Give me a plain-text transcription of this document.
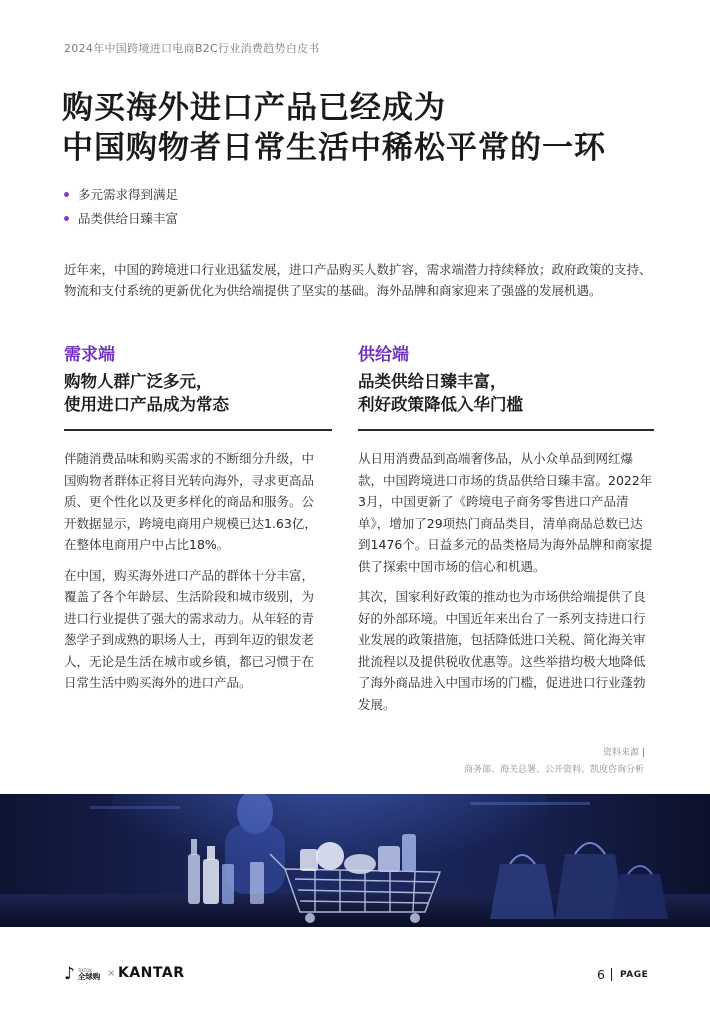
2024年中国跨境进口电商B2C行业消费趋势白皮书
购买海外进口产品已经成为
中国购物者日常生活中稀松平常的一环
多元需求得到满足
品类供给日臻丰富
近年来，中国的跨境进口行业迅猛发展，进口产品购买人数扩容，需求端潜力持续释放；政府政策的支持、物流和支付系统的更新优化为供给端提供了坚实的基础。海外品牌和商家迎来了强盛的发展机遇。
需求端
购物人群广泛多元，
使用进口产品成为常态
供给端
品类供给日臻丰富，
利好政策降低入华门槛

伴随消费品味和购买需求的不断细分升级，中国购物者群体正将目光转向海外，寻求更高品质、更个性化以及更多样化的商品和服务。公开数据显示，跨境电商用户规模已达1.63亿，在整体电商用户中占比18%。

在中国，购买海外进口产品的群体十分丰富，覆盖了各个年龄层、生活阶段和城市级别，为进口行业提供了强大的需求动力。从年轻的青葱学子到成熟的职场人士，再到年迈的银发老人，无论是生活在城市或乡镇，都已习惯于在日常生活中购买海外的进口产品。

从日用消费品到高端奢侈品，从小众单品到网红爆款，中国跨境进口市场的货品供给日臻丰富。2022年3月，中国更新了《跨境电子商务零售进口产品清单》，增加了29项热门商品类目，清单商品总数已达到1476个。日益多元的品类格局为海外品牌和商家提供了探索中国市场的信心和机遇。

其次，国家利好政策的推动也为市场供给端提供了良好的外部环境。中国近年来出台了一系列支持进口行业发展的政策措施，包括降低进口关税、简化海关审批流程以及提供税收优惠等。这些举措均极大地降低了海外商品进入中国市场的门槛，促进进口行业蓬勃发展。

资料来源
商务部、海关总署、公开资料、凯度咨询分析
♪ TIKTOK
全球购 × KANTAR	6 PAGE
